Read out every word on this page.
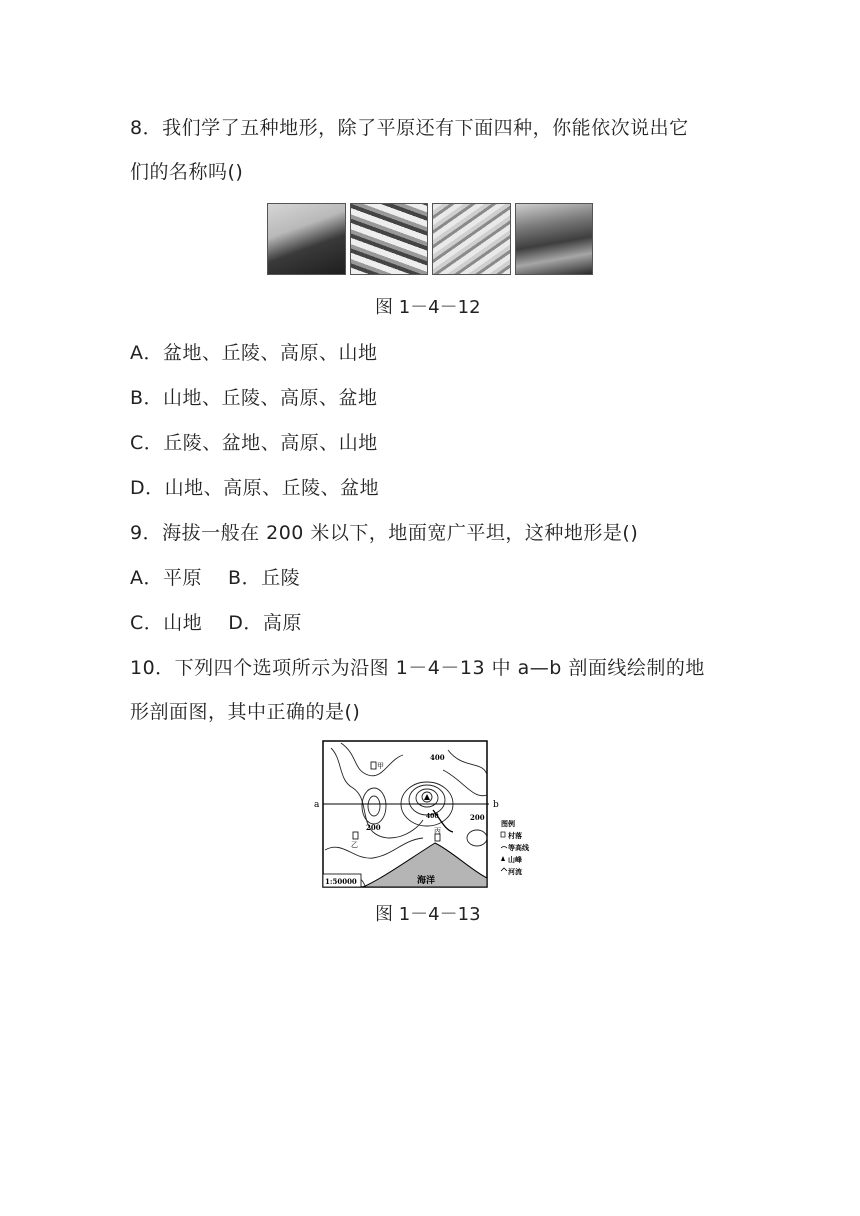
8．我们学了五种地形，除了平原还有下面四种，你能依次说出它
们的名称吗()
图 1－4－12
A．盆地、丘陵、高原、山地
B．山地、丘陵、高原、盆地
C．丘陵、盆地、高原、山地
D．山地、高原、丘陵、盆地
9．海拔一般在 200 米以下，地面宽广平坦，这种地形是()
A．平原　 B．丘陵
C．山地　 D．高原
10．下列四个选项所示为沿图 1－4－13 中 a—b 剖面线绘制的地
形剖面图，其中正确的是()
a	b
甲
乙
丙
400
200
200
400
1:50000	海洋
图例
村落
等高线
山峰
河流
图 1－4－13
